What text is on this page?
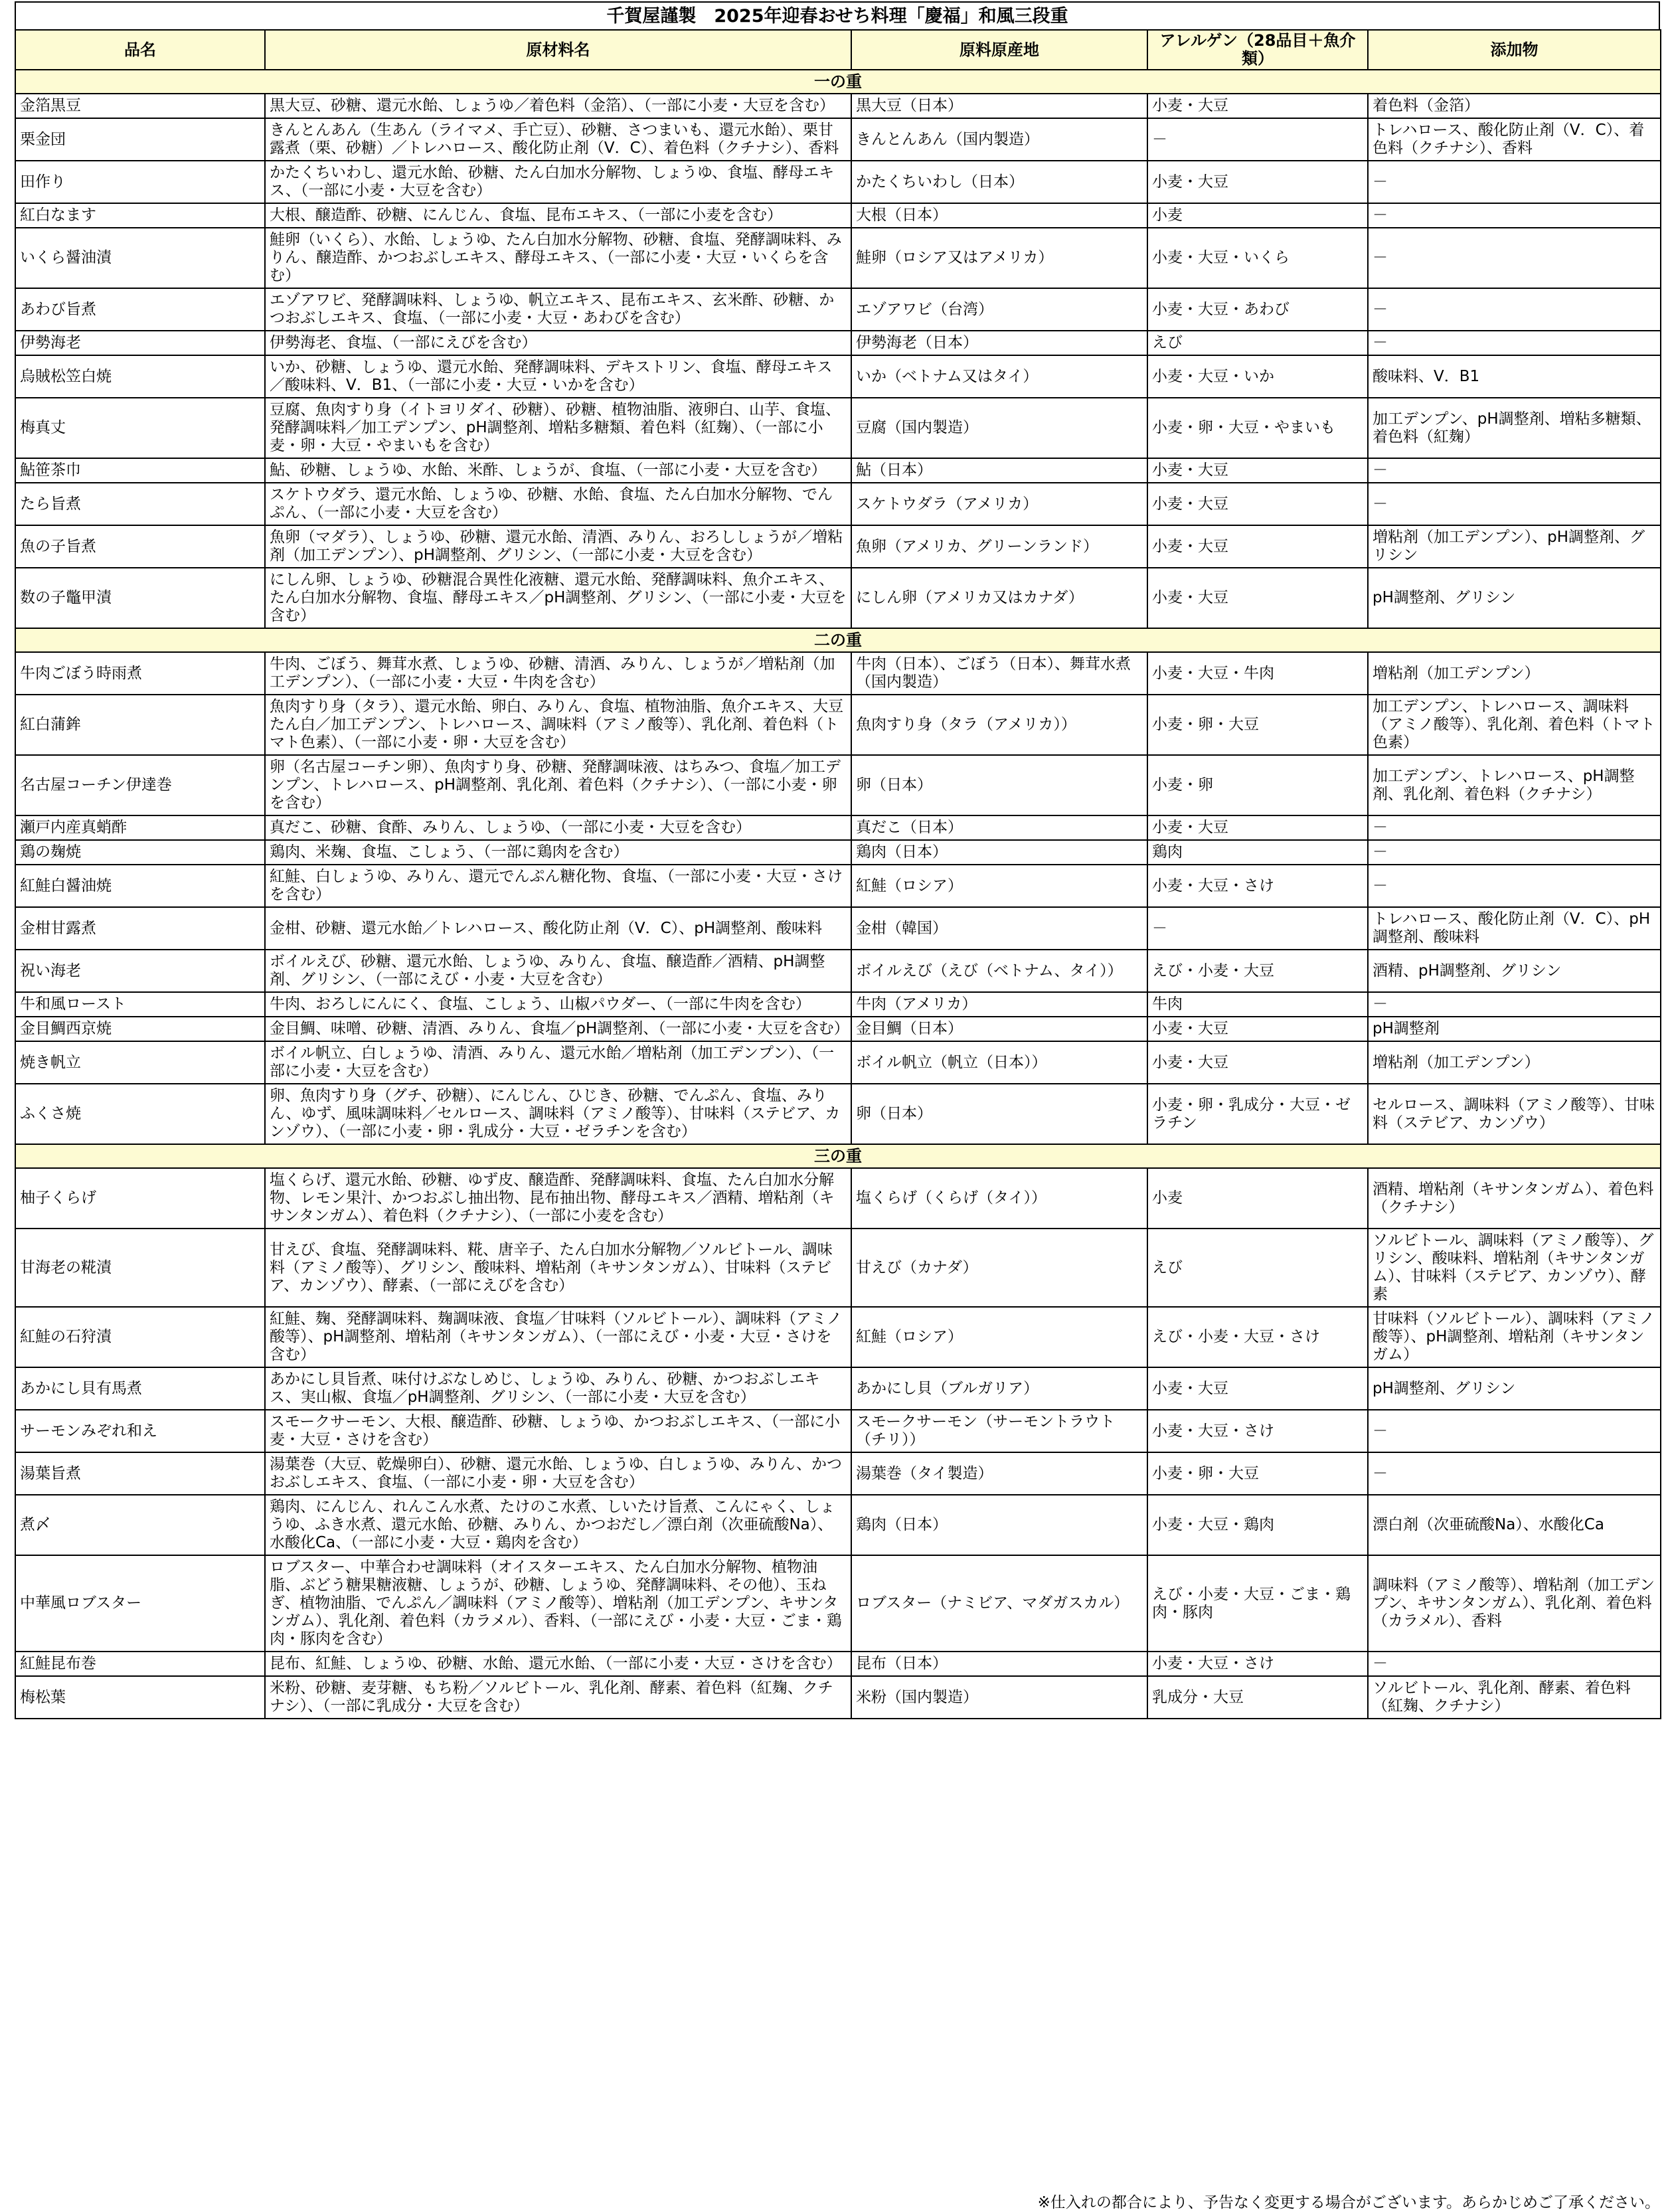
千賀屋謹製　2025年迎春おせち料理「慶福」和風三段重
品名	原材料名	原料原産地	アレルゲン（28品目＋魚介類）	添加物
一の重				
金箔黒豆	黒大豆、砂糖、還元水飴、しょうゆ／着色料（金箔）、（一部に小麦・大豆を含む）	黒大豆（日本）	小麦・大豆	着色料（金箔）
栗金団	きんとんあん（生あん（ライマメ、手亡豆）、砂糖、さつまいも、還元水飴）、栗甘露煮（栗、砂糖）／トレハロース、酸化防止剤（V．C）、着色料（クチナシ）、香料	きんとんあん（国内製造）	－	トレハロース、酸化防止剤（V．C）、着色料（クチナシ）、香料
田作り	かたくちいわし、還元水飴、砂糖、たん白加水分解物、しょうゆ、食塩、酵母エキス、（一部に小麦・大豆を含む）	かたくちいわし（日本）	小麦・大豆	－
紅白なます	大根、醸造酢、砂糖、にんじん、食塩、昆布エキス、（一部に小麦を含む）	大根（日本）	小麦	－
いくら醤油漬	鮭卵（いくら）、水飴、しょうゆ、たん白加水分解物、砂糖、食塩、発酵調味料、みりん、醸造酢、かつおぶしエキス、酵母エキス、（一部に小麦・大豆・いくらを含む）	鮭卵（ロシア又はアメリカ）	小麦・大豆・いくら	－
あわび旨煮	エゾアワビ、発酵調味料、しょうゆ、帆立エキス、昆布エキス、玄米酢、砂糖、かつおぶしエキス、食塩、（一部に小麦・大豆・あわびを含む）	エゾアワビ（台湾）	小麦・大豆・あわび	－
伊勢海老	伊勢海老、食塩、（一部にえびを含む）	伊勢海老（日本）	えび	－
烏賊松笠白焼	いか、砂糖、しょうゆ、還元水飴、発酵調味料、デキストリン、食塩、酵母エキス／酸味料、V．B1、（一部に小麦・大豆・いかを含む）	いか（ベトナム又はタイ）	小麦・大豆・いか	酸味料、V．B1
梅真丈	豆腐、魚肉すり身（イトヨリダイ、砂糖）、砂糖、植物油脂、液卵白、山芋、食塩、発酵調味料／加工デンプン、pH調整剤、増粘多糖類、着色料（紅麹）、（一部に小麦・卵・大豆・やまいもを含む）	豆腐（国内製造）	小麦・卵・大豆・やまいも	加工デンプン、pH調整剤、増粘多糖類、着色料（紅麹）
鮎笹茶巾	鮎、砂糖、しょうゆ、水飴、米酢、しょうが、食塩、（一部に小麦・大豆を含む）	鮎（日本）	小麦・大豆	－
たら旨煮	スケトウダラ、還元水飴、しょうゆ、砂糖、水飴、食塩、たん白加水分解物、でんぷん、（一部に小麦・大豆を含む）	スケトウダラ（アメリカ）	小麦・大豆	－
魚の子旨煮	魚卵（マダラ）、しょうゆ、砂糖、還元水飴、清酒、みりん、おろししょうが／増粘剤（加工デンプン）、pH調整剤、グリシン、（一部に小麦・大豆を含む）	魚卵（アメリカ、グリーンランド）	小麦・大豆	増粘剤（加工デンプン）、pH調整剤、グリシン
数の子鼈甲漬	にしん卵、しょうゆ、砂糖混合異性化液糖、還元水飴、発酵調味料、魚介エキス、たん白加水分解物、食塩、酵母エキス／pH調整剤、グリシン、（一部に小麦・大豆を含む）	にしん卵（アメリカ又はカナダ）	小麦・大豆	pH調整剤、グリシン
二の重				
牛肉ごぼう時雨煮	牛肉、ごぼう、舞茸水煮、しょうゆ、砂糖、清酒、みりん、しょうが／増粘剤（加工デンプン）、（一部に小麦・大豆・牛肉を含む）	牛肉（日本）、ごぼう（日本）、舞茸水煮（国内製造）	小麦・大豆・牛肉	増粘剤（加工デンプン）
紅白蒲鉾	魚肉すり身（タラ）、還元水飴、卵白、みりん、食塩、植物油脂、魚介エキス、大豆たん白／加工デンプン、トレハロース、調味料（アミノ酸等）、乳化剤、着色料（トマト色素）、（一部に小麦・卵・大豆を含む）	魚肉すり身（タラ（アメリカ））	小麦・卵・大豆	加工デンプン、トレハロース、調味料（アミノ酸等）、乳化剤、着色料（トマト色素）
名古屋コーチン伊達巻	卵（名古屋コーチン卵）、魚肉すり身、砂糖、発酵調味液、はちみつ、食塩／加工デンプン、トレハロース、pH調整剤、乳化剤、着色料（クチナシ）、（一部に小麦・卵を含む）	卵（日本）	小麦・卵	加工デンプン、トレハロース、pH調整剤、乳化剤、着色料（クチナシ）
瀬戸内産真蛸酢	真だこ、砂糖、食酢、みりん、しょうゆ、（一部に小麦・大豆を含む）	真だこ（日本）	小麦・大豆	－
鶏の麹焼	鶏肉、米麹、食塩、こしょう、（一部に鶏肉を含む）	鶏肉（日本）	鶏肉	－
紅鮭白醤油焼	紅鮭、白しょうゆ、みりん、還元でんぷん糖化物、食塩、（一部に小麦・大豆・さけを含む）	紅鮭（ロシア）	小麦・大豆・さけ	－
金柑甘露煮	金柑、砂糖、還元水飴／トレハロース、酸化防止剤（V．C）、pH調整剤、酸味料	金柑（韓国）	－	トレハロース、酸化防止剤（V．C）、pH調整剤、酸味料
祝い海老	ボイルえび、砂糖、還元水飴、しょうゆ、みりん、食塩、醸造酢／酒精、pH調整剤、グリシン、（一部にえび・小麦・大豆を含む）	ボイルえび（えび（ベトナム、タイ））	えび・小麦・大豆	酒精、pH調整剤、グリシン
牛和風ロースト	牛肉、おろしにんにく、食塩、こしょう、山椒パウダー、（一部に牛肉を含む）	牛肉（アメリカ）	牛肉	－
金目鯛西京焼	金目鯛、味噌、砂糖、清酒、みりん、食塩／pH調整剤、（一部に小麦・大豆を含む）	金目鯛（日本）	小麦・大豆	pH調整剤
焼き帆立	ボイル帆立、白しょうゆ、清酒、みりん、還元水飴／増粘剤（加工デンプン）、（一部に小麦・大豆を含む）	ボイル帆立（帆立（日本））	小麦・大豆	増粘剤（加工デンプン）
ふくさ焼	卵、魚肉すり身（グチ、砂糖）、にんじん、ひじき、砂糖、でんぷん、食塩、みりん、ゆず、風味調味料／セルロース、調味料（アミノ酸等）、甘味料（ステビア、カンゾウ）、（一部に小麦・卵・乳成分・大豆・ゼラチンを含む）	卵（日本）	小麦・卵・乳成分・大豆・ゼラチン	セルロース、調味料（アミノ酸等）、甘味料（ステビア、カンゾウ）
三の重				
柚子くらげ	塩くらげ、還元水飴、砂糖、ゆず皮、醸造酢、発酵調味料、食塩、たん白加水分解物、レモン果汁、かつおぶし抽出物、昆布抽出物、酵母エキス／酒精、増粘剤（キサンタンガム）、着色料（クチナシ）、（一部に小麦を含む）	塩くらげ（くらげ（タイ））	小麦	酒精、増粘剤（キサンタンガム）、着色料（クチナシ）
甘海老の糀漬	甘えび、食塩、発酵調味料、糀、唐辛子、たん白加水分解物／ソルビトール、調味料（アミノ酸等）、グリシン、酸味料、増粘剤（キサンタンガム）、甘味料（ステビア、カンゾウ）、酵素、（一部にえびを含む）	甘えび（カナダ）	えび	ソルビトール、調味料（アミノ酸等）、グリシン、酸味料、増粘剤（キサンタンガム）、甘味料（ステビア、カンゾウ）、酵素
紅鮭の石狩漬	紅鮭、麹、発酵調味料、麹調味液、食塩／甘味料（ソルビトール）、調味料（アミノ酸等）、pH調整剤、増粘剤（キサンタンガム）、（一部にえび・小麦・大豆・さけを含む）	紅鮭（ロシア）	えび・小麦・大豆・さけ	甘味料（ソルビトール）、調味料（アミノ酸等）、pH調整剤、増粘剤（キサンタンガム）
あかにし貝有馬煮	あかにし貝旨煮、味付けぶなしめじ、しょうゆ、みりん、砂糖、かつおぶしエキス、実山椒、食塩／pH調整剤、グリシン、（一部に小麦・大豆を含む）	あかにし貝（ブルガリア）	小麦・大豆	pH調整剤、グリシン
サーモンみぞれ和え	スモークサーモン、大根、醸造酢、砂糖、しょうゆ、かつおぶしエキス、（一部に小麦・大豆・さけを含む）	スモークサーモン（サーモントラウト（チリ））	小麦・大豆・さけ	－
湯葉旨煮	湯葉巻（大豆、乾燥卵白）、砂糖、還元水飴、しょうゆ、白しょうゆ、みりん、かつおぶしエキス、食塩、（一部に小麦・卵・大豆を含む）	湯葉巻（タイ製造）	小麦・卵・大豆	－
煮〆	鶏肉、にんじん、れんこん水煮、たけのこ水煮、しいたけ旨煮、こんにゃく、しょうゆ、ふき水煮、還元水飴、砂糖、みりん、かつおだし／漂白剤（次亜硫酸Na）、水酸化Ca、（一部に小麦・大豆・鶏肉を含む）	鶏肉（日本）	小麦・大豆・鶏肉	漂白剤（次亜硫酸Na）、水酸化Ca
中華風ロブスター	ロブスター、中華合わせ調味料（オイスターエキス、たん白加水分解物、植物油脂、ぶどう糖果糖液糖、しょうが、砂糖、しょうゆ、発酵調味料、その他）、玉ねぎ、植物油脂、でんぷん／調味料（アミノ酸等）、増粘剤（加工デンプン、キサンタンガム）、乳化剤、着色料（カラメル）、香料、（一部にえび・小麦・大豆・ごま・鶏肉・豚肉を含む）	ロブスター（ナミビア、マダガスカル）	えび・小麦・大豆・ごま・鶏肉・豚肉	調味料（アミノ酸等）、増粘剤（加工デンプン、キサンタンガム）、乳化剤、着色料（カラメル）、香料
紅鮭昆布巻	昆布、紅鮭、しょうゆ、砂糖、水飴、還元水飴、（一部に小麦・大豆・さけを含む）	昆布（日本）	小麦・大豆・さけ	－
梅松葉	米粉、砂糖、麦芽糖、もち粉／ソルビトール、乳化剤、酵素、着色料（紅麹、クチナシ）、（一部に乳成分・大豆を含む）	米粉（国内製造）	乳成分・大豆	ソルビトール、乳化剤、酵素、着色料（紅麹、クチナシ）
※仕入れの都合により、予告なく変更する場合がございます。あらかじめご了承ください。
